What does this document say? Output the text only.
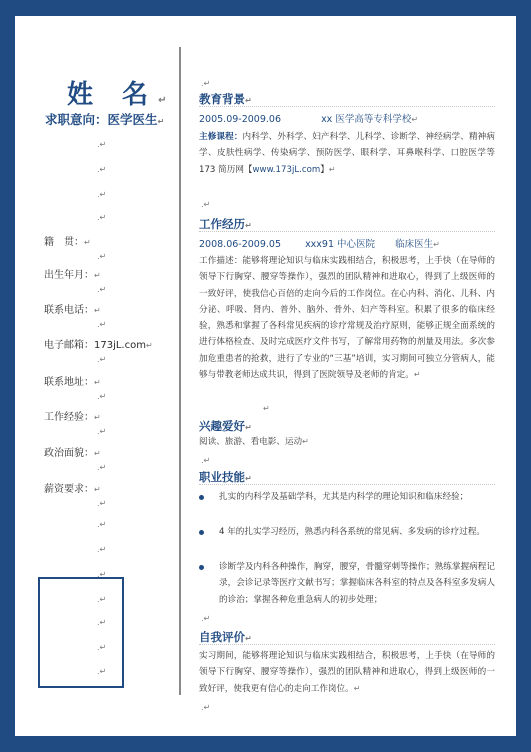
姓 名↵
求职意向：医学医生↵
.↵
.↵
.↵
.↵
籍　贯：↵
.↵
出生年月：↵
.↵
联系电话：↵
.↵
电子邮箱：173jL.com↵
.↵
联系地址：↵
.↵
工作经验：↵
.↵
政治面貌：↵
.↵
薪资要求：↵
.↵
.↵
.↵
.↵
.↵
.↵
.↵
.↵
.↵
教育背景↵
2005.09-2009.06	xx 医学高等专科学校↵
主修课程：内科学、外科学、妇产科学、儿科学、诊断学、神经病学、精神病学、皮肤性病学、传染病学、预防医学、眼科学、耳鼻喉科学、口腔医学等 173 简历网【www.173jL.com】↵
.↵
工作经历↵
2008.06-2009.05	xxx91 中心医院 临床医生↵
工作描述：能够将理论知识与临床实践相结合，积极思考，上手快（在导师的领导下行胸穿、腰穿等操作），强烈的团队精神和进取心，得到了上级医师的一致好评，使我信心百倍的走向今后的工作岗位。在心内科、消化、儿科、内分泌、呼吸、肾内、普外、脑外、骨外、妇产等科室。积累了很多的临床经验，熟悉和掌握了各科常见疾病的诊疗常规及治疗原则，能够正规全面系统的进行体格检查、及时完成医疗文件书写，了解常用药物的剂量及用法。多次参加危重患者的抢救，进行了专业的“三基”培训，实习期间可独立分管病人，能够与带教老师达成共识，得到了医院领导及老师的肯定。↵
↵
兴趣爱好↵
阅读、旅游、看电影、运动↵
.↵
职业技能↵
扎实的内科学及基础学科，尤其是内科学的理论知识和临床经验；
4 年的扎实学习经历，熟悉内科各系统的常见病、多发病的诊疗过程。
诊断学及内科各种操作，胸穿，腰穿，骨髓穿刺等操作；熟练掌握病程记录，会诊记录等医疗文献书写；掌握临床各科室的特点及各科室多发病人的诊治；掌握各种危重急病人的初步处理；
.↵
自我评价↵
实习期间，能够将理论知识与临床实践相结合，积极思考，上手快（在导师的领导下行胸穿、腰穿等操作），强烈的团队精神和进取心，得到上级医师的一致好评，使我更有信心的走向工作岗位。↵
.↵
